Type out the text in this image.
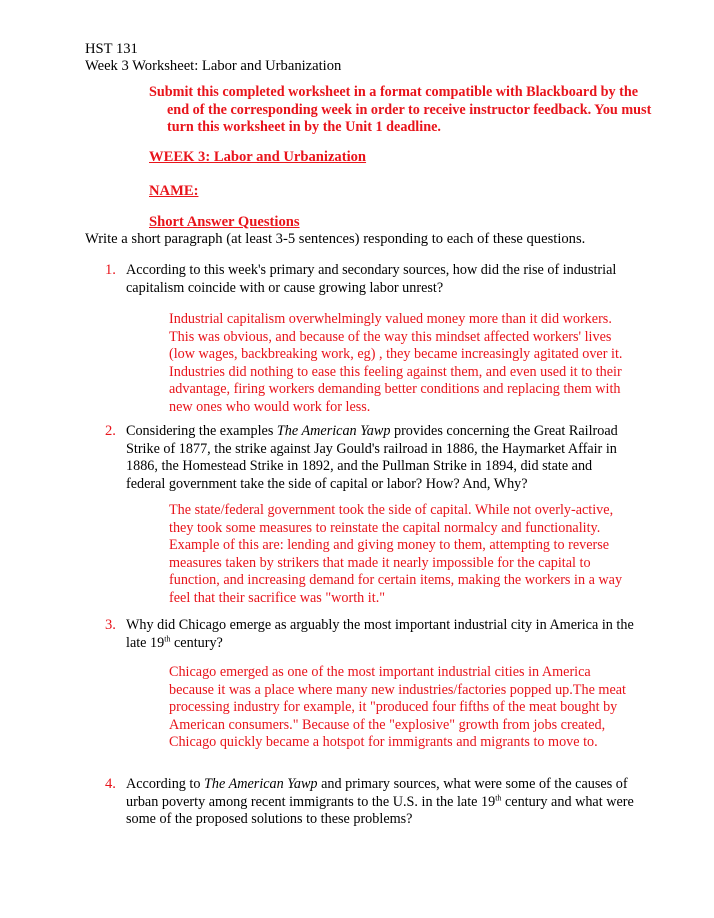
HST 131
Week 3 Worksheet: Labor and Urbanization
Submit this completed worksheet in a format compatible with Blackboard by the end of the corresponding week in order to receive instructor feedback. You must turn this worksheet in by the Unit 1 deadline.
WEEK 3: Labor and Urbanization
NAME:
Short Answer Questions
Write a short paragraph (at least 3-5 sentences) responding to each of these questions.
1. According to this week's primary and secondary sources, how did the rise of industrial capitalism coincide with or cause growing labor unrest?
Industrial capitalism overwhelmingly valued money more than it did workers. This was obvious, and because of the way this mindset affected workers' lives (low wages, backbreaking work, eg) , they became increasingly agitated over it. Industries did nothing to ease this feeling against them, and even used it to their advantage, firing workers demanding better conditions and replacing them with new ones who would work for less.
2. Considering the examples The American Yawp provides concerning the Great Railroad Strike of 1877, the strike against Jay Gould's railroad in 1886, the Haymarket Affair in 1886, the Homestead Strike in 1892, and the Pullman Strike in 1894, did state and federal government take the side of capital or labor? How? And, Why?
The state/federal government took the side of capital. While not overly-active, they took some measures to reinstate the capital normalcy and functionality. Example of this are: lending and giving money to them, attempting to reverse measures taken by strikers that made it nearly impossible for the capital to function, and increasing demand for certain items, making the workers in a way feel that their sacrifice was "worth it."
3. Why did Chicago emerge as arguably the most important industrial city in America in the late 19th century?
Chicago emerged as one of the most important industrial cities in America because it was a place where many new industries/factories popped up.The meat processing industry for example, it "produced four fifths of the meat bought by American consumers." Because of the "explosive" growth from jobs created, Chicago quickly became a hotspot for immigrants and migrants to move to.
4. According to The American Yawp and primary sources, what were some of the causes of urban poverty among recent immigrants to the U.S. in the late 19th century and what were some of the proposed solutions to these problems?
